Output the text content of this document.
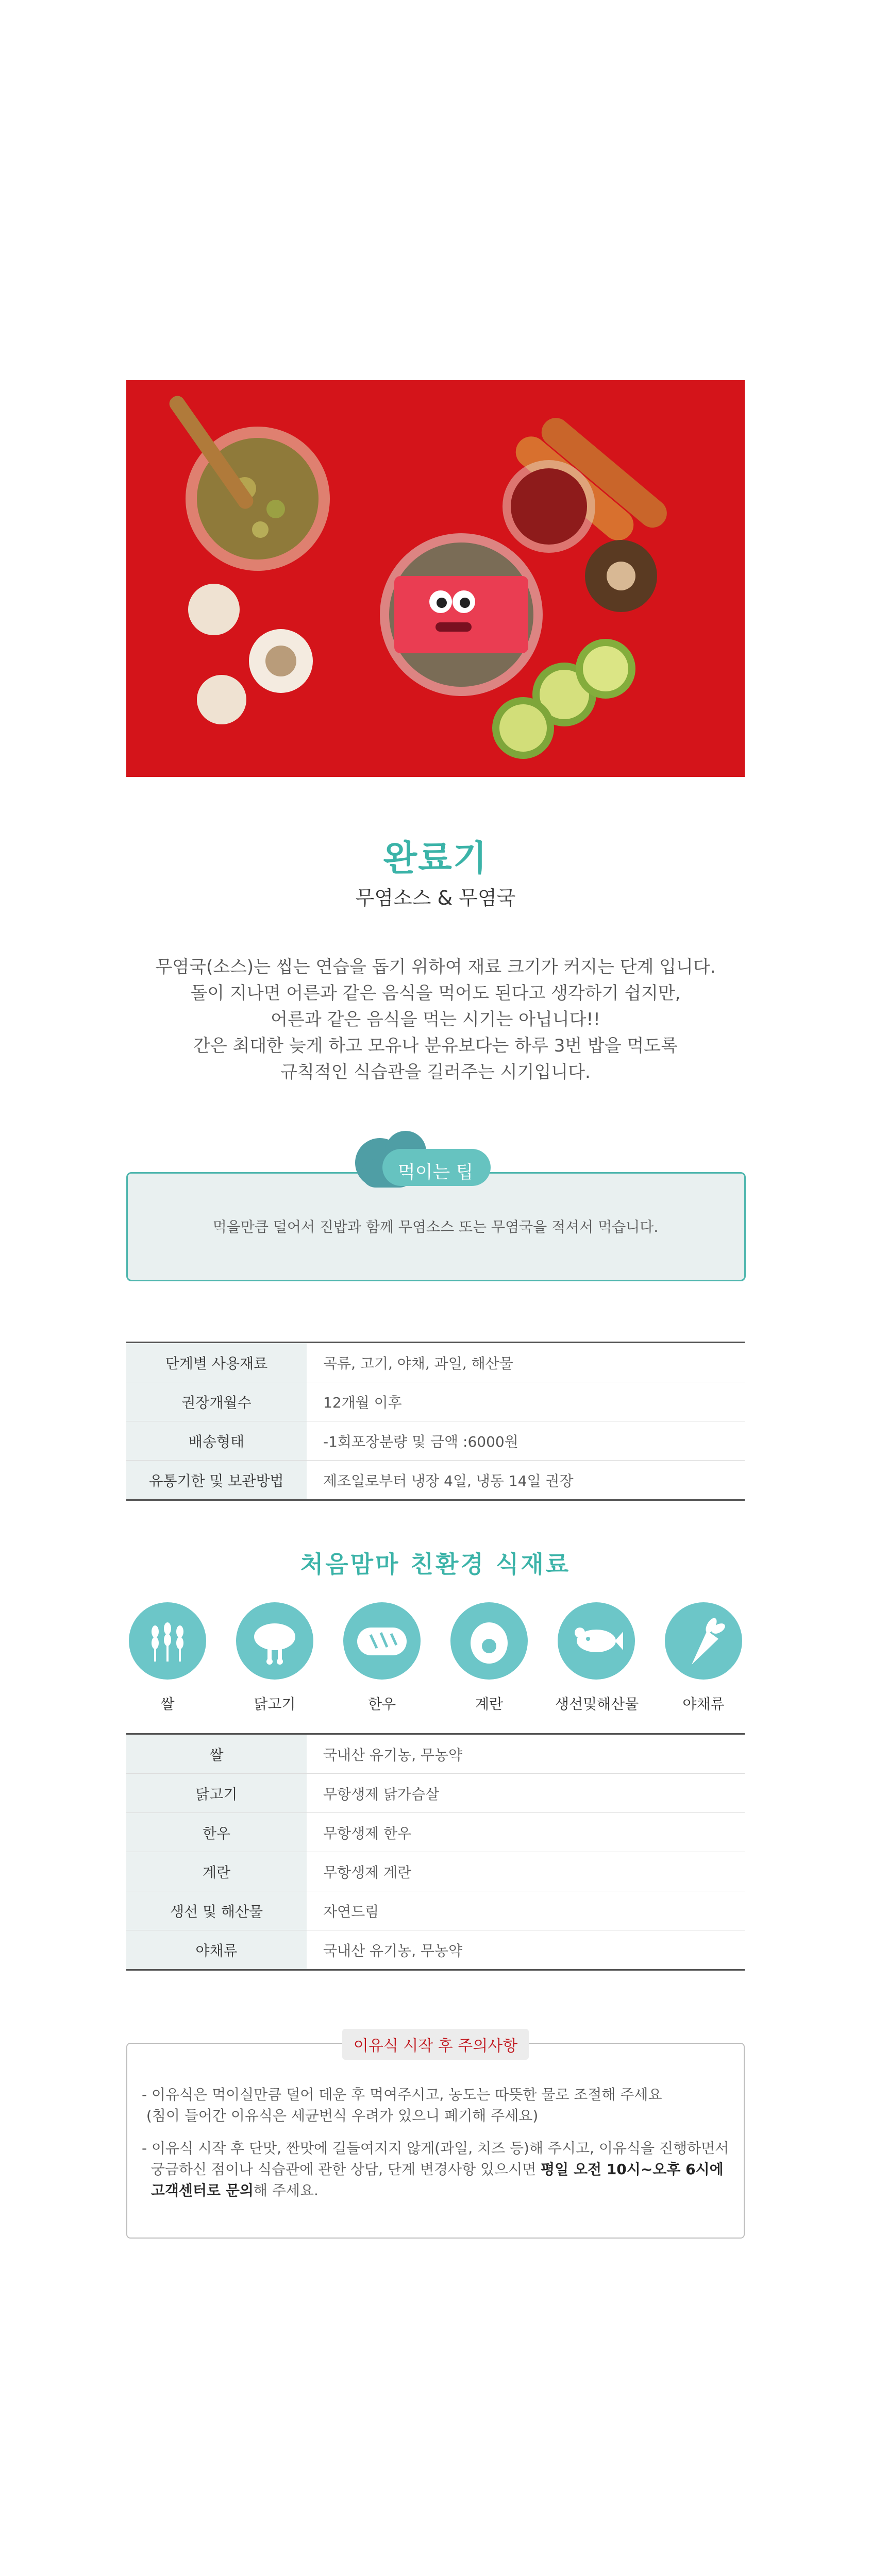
완료기
무염소스 & 무염국
무염국(소스)는 씹는 연습을 돕기 위하여 재료 크기가 커지는 단계 입니다.
돌이 지나면 어른과 같은 음식을 먹어도 된다고 생각하기 쉽지만,
어른과 같은 음식을 먹는 시기는 아닙니다!!
간은 최대한 늦게 하고 모유나 분유보다는 하루 3번 밥을 먹도록
규칙적인 식습관을 길러주는 시기입니다.
먹이는 팁
먹을만큼 덜어서 진밥과 함께 무염소스 또는 무염국을 적셔서 먹습니다.
단계별 사용재료	곡류, 고기, 야채, 과일, 해산물
권장개월수	12개월 이후
배송형태	-1회포장분량 및 금액 :6000원
유통기한 및 보관방법	제조일로부터 냉장 4일, 냉동 14일 권장
처음맘마 친환경 식재료
쌀	닭고기	한우	계란	생선및해산물	야채류
쌀	국내산 유기농, 무농약
닭고기	무항생제 닭가슴살
한우	무항생제 한우
계란	무항생제 계란
생선 및 해산물	자연드림
야채류	국내산 유기농, 무농약
이유식 시작 후 주의사항

- 이유식은 먹이실만큼 덜어 데운 후 먹여주시고, 농도는 따뜻한 물로 조절해 주세요
(침이 들어간 이유식은 세균번식 우려가 있으니 폐기해 주세요)

- 이유식 시작 후 단맛, 짠맛에 길들여지지 않게(과일, 치즈 등)해 주시고, 이유식을 진행하면서
궁금하신 점이나 식습관에 관한 상담, 단계 변경사항 있으시면 평일 오전 10시~오후 6시에
고객센터로 문의해 주세요.
